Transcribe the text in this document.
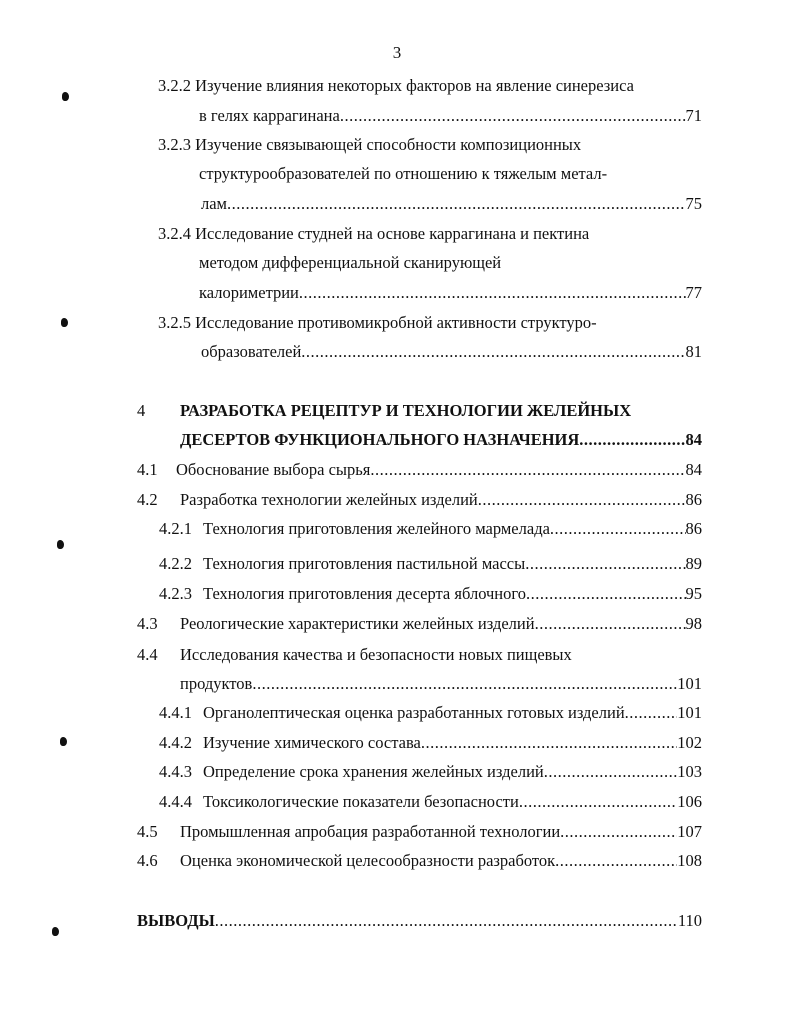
3
3.2.2 Изучение влияния некоторых факторов на явление синерезиса
в гелях каррагинана .....	71
3.2.3 Изучение связывающей способности композиционных
структурообразователей по отношению к тяжелым метал-
лам .....	75
3.2.4 Исследование студней на основе каррагинана и пектина
методом дифференциальной сканирующей
калориметрии .....	77
3.2.5 Исследование противомикробной активности структуро-
образователей .....	81
4 РАЗРАБОТКА РЕЦЕПТУР И ТЕХНОЛОГИИ ЖЕЛЕЙНЫХ
ДЕСЕРТОВ ФУНКЦИОНАЛЬНОГО НАЗНАЧЕНИЯ .....	84
4.1 Обоснование выбора сырья .....	84
4.2 Разработка технологии желейных изделий .....	86
4.2.1 Технология приготовления желейного мармелада .....	86
4.2.2 Технология приготовления пастильной массы .....	89
4.2.3 Технология приготовления десерта яблочного .....	95
4.3 Реологические характеристики желейных изделий .....	98
4.4 Исследования качества и безопасности новых пищевых
продуктов .....	101
4.4.1 Органолептическая оценка разработанных готовых изделий .....	101
4.4.2 Изучение химического состава .....	102
4.4.3 Определение срока хранения желейных изделий .....	103
4.4.4 Токсикологические показатели безопасности .....	106
4.5 Промышленная апробация разработанной технологии .....	107
4.6 Оценка экономической целесообразности разработок .....	108
ВЫВОДЫ .....	110
